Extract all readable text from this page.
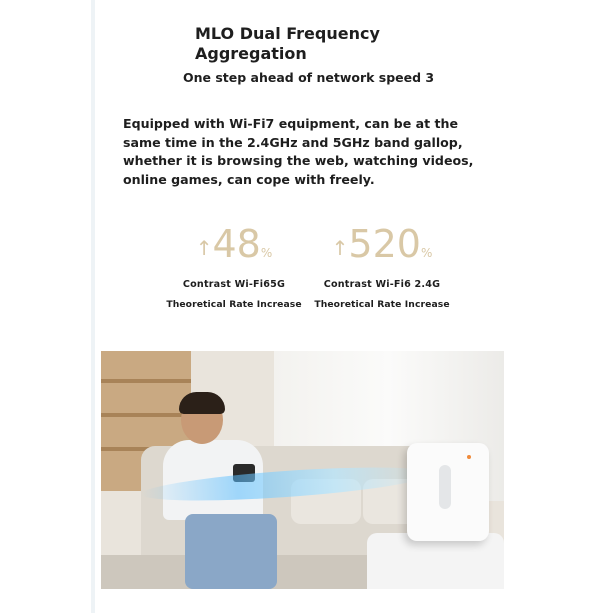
MLO Dual Frequency
Aggregation
One step ahead of network speed 3
Equipped with Wi-Fi7 equipment, can be at the same time in the 2.4GHz and 5GHz band gallop, whether it is browsing the web, watching videos, online games, can cope with freely.
↑48%
Contrast Wi-Fi65G
Theoretical Rate Increase
↑520%
Contrast Wi-Fi6 2.4G
Theoretical Rate Increase
